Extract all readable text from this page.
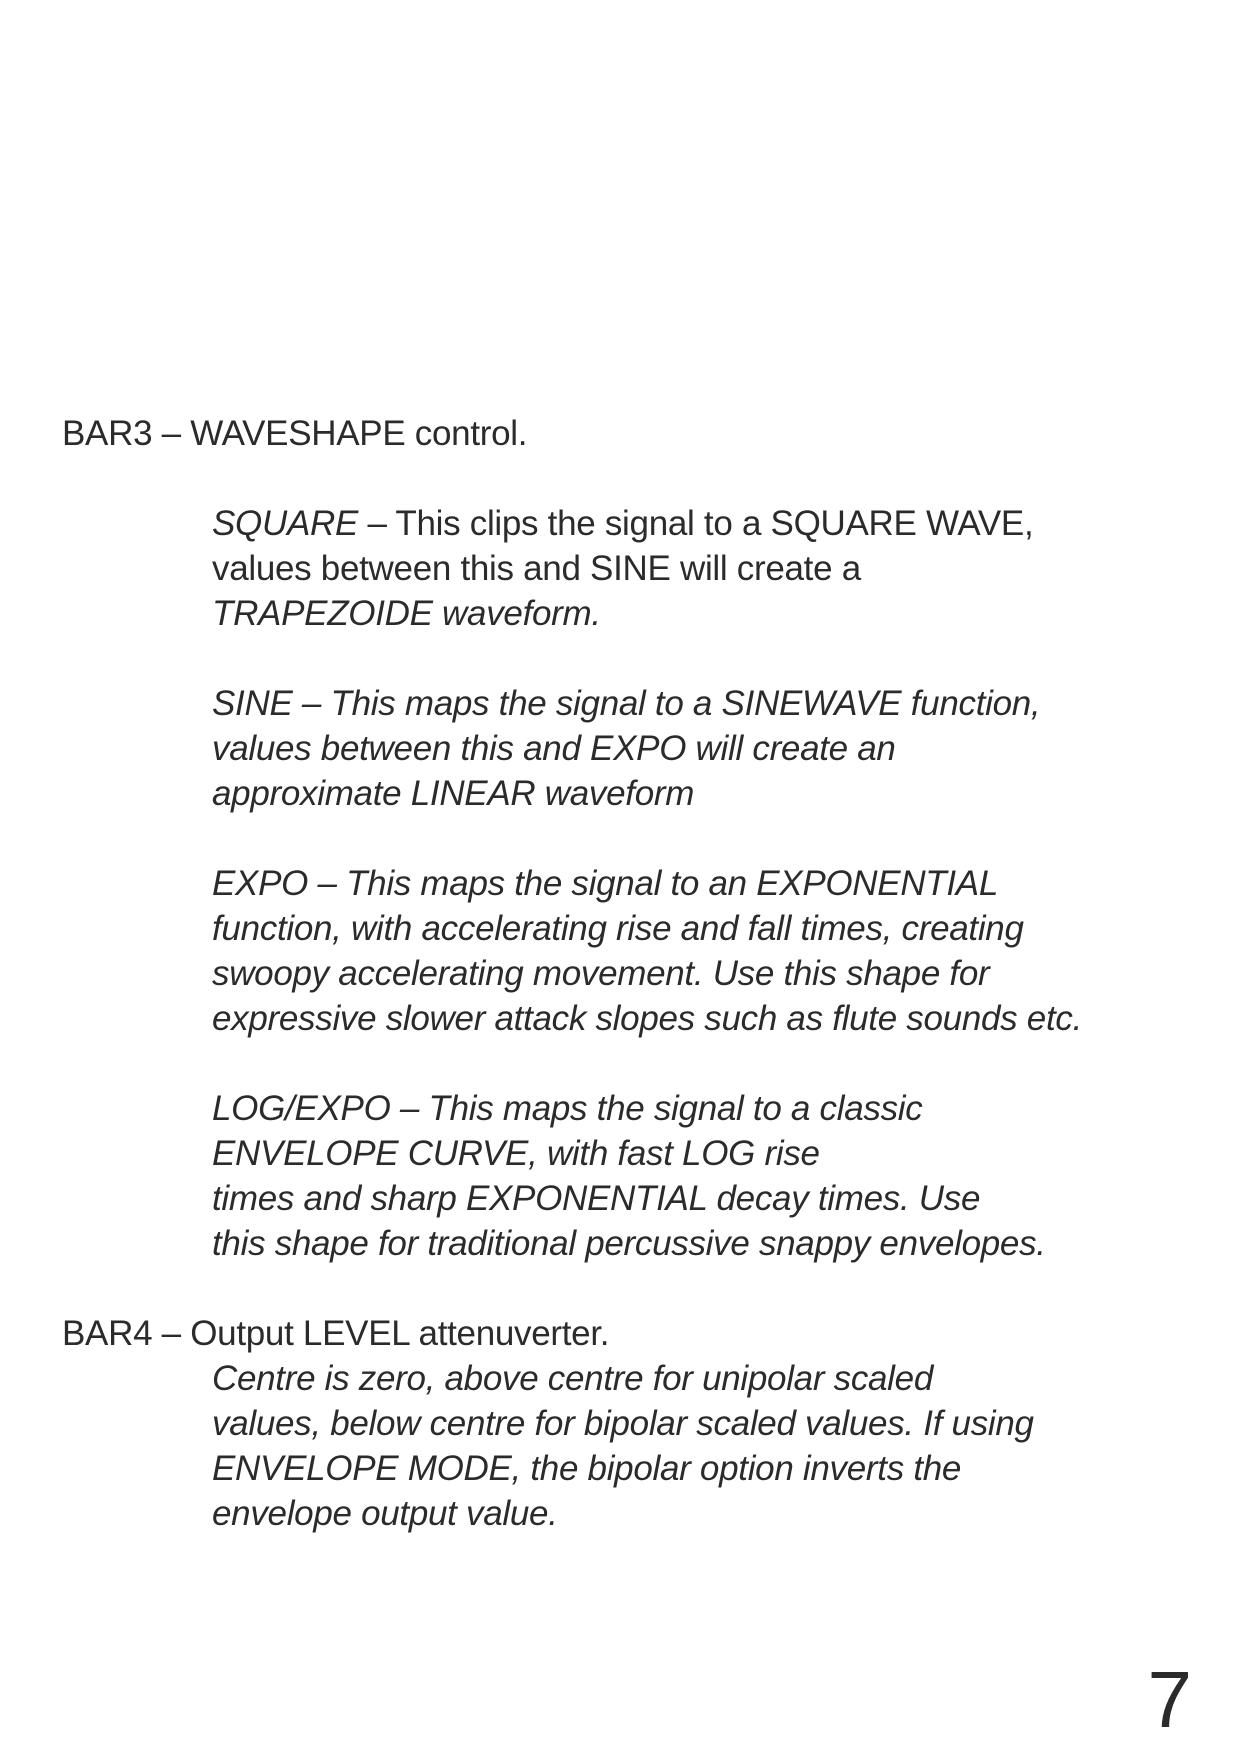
BAR3 – WAVESHAPE control.
SQUARE – This clips the signal to a SQUARE WAVE,
values between this and SINE will create a
TRAPEZOIDE waveform.
SINE – This maps the signal to a SINEWAVE function,
values between this and EXPO will create an
approximate LINEAR waveform
EXPO – This maps the signal to an EXPONENTIAL
function, with accelerating rise and fall times, creating
swoopy accelerating movement. Use this shape for
expressive slower attack slopes such as flute sounds etc.
LOG/EXPO – This maps the signal to a classic
ENVELOPE CURVE, with fast LOG rise
times and sharp EXPONENTIAL decay times. Use
this shape for traditional percussive snappy envelopes.
BAR4 – Output LEVEL attenuverter.
Centre is zero, above centre for unipolar scaled
values, below centre for bipolar scaled values. If using
ENVELOPE MODE, the bipolar option inverts the
envelope output value.
7
